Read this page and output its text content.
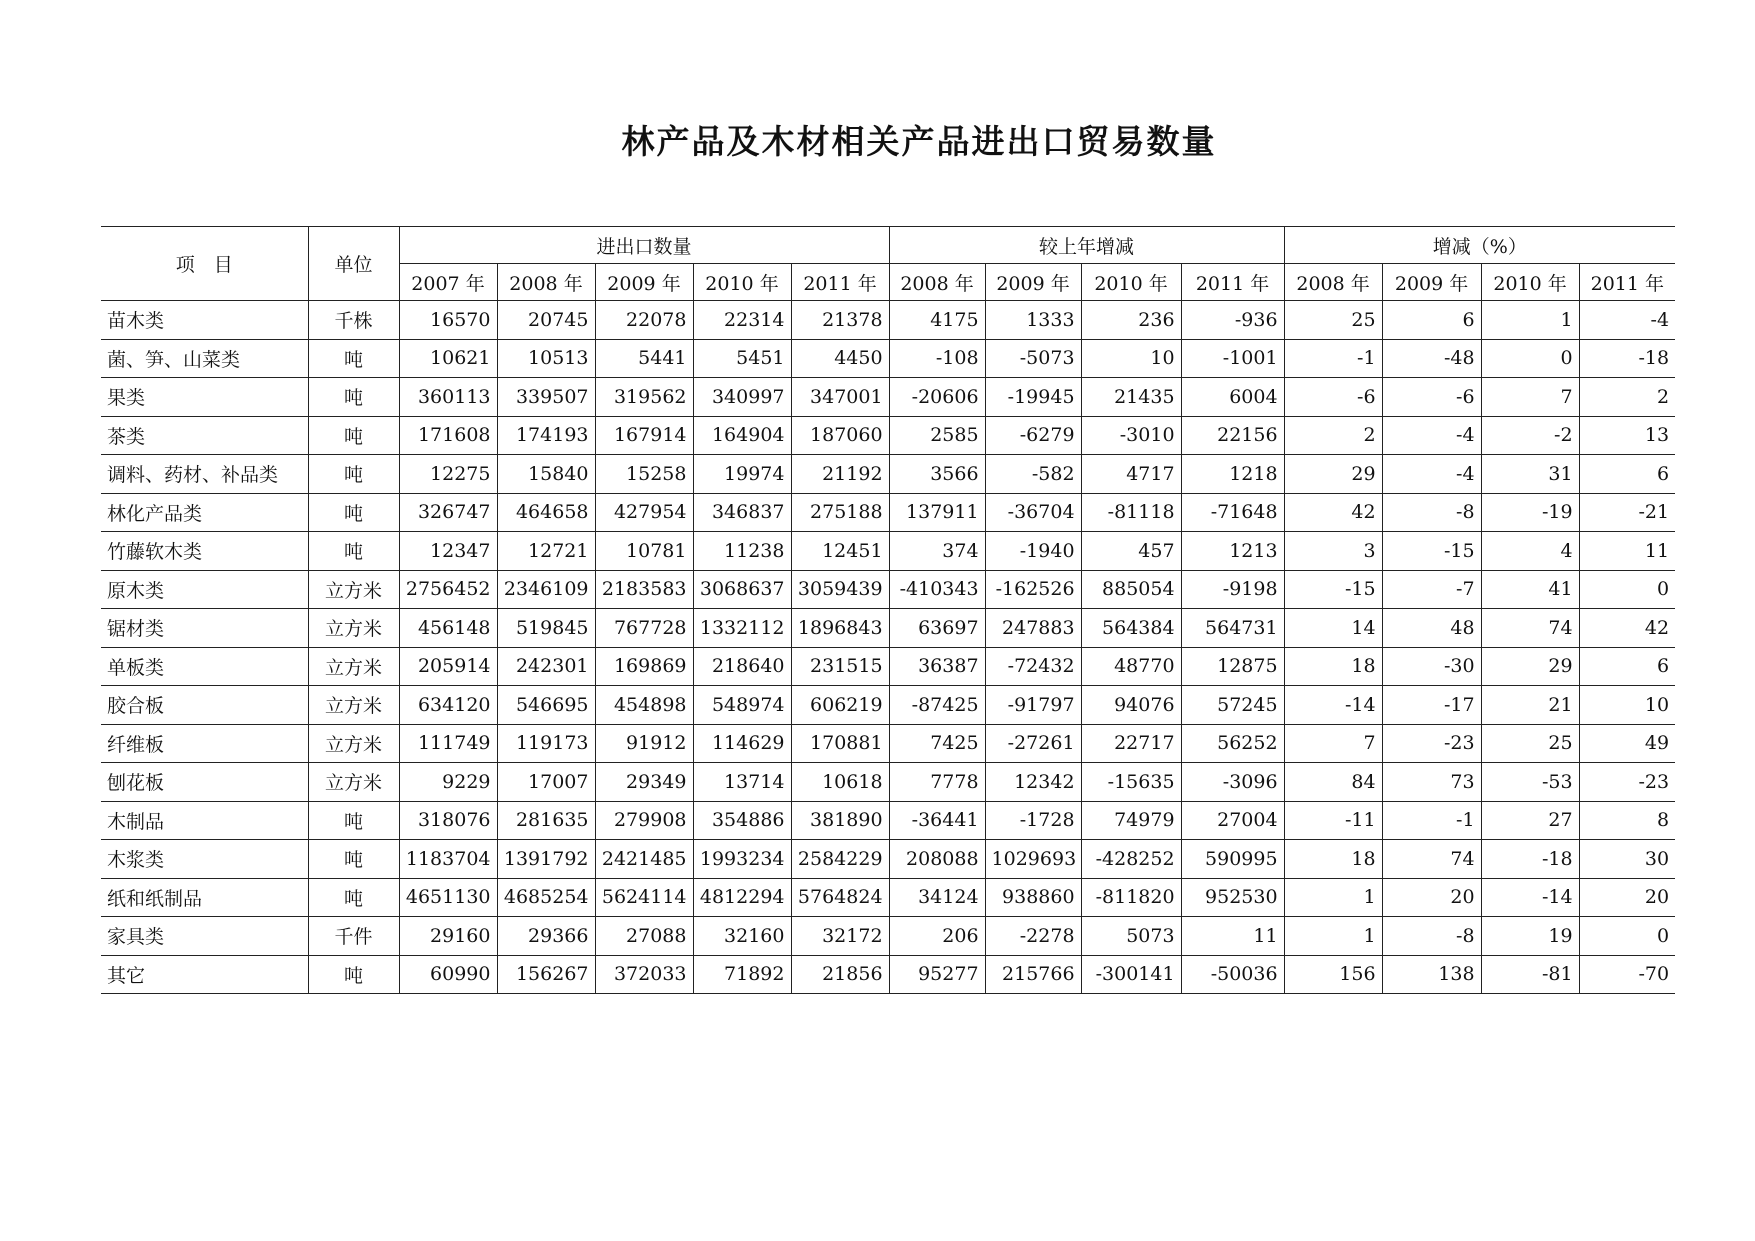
林产品及木材相关产品进出口贸易数量
项　目	单位	进出口数量					较上年增减				增减（%）			
		2007 年	2008 年	2009 年	2010 年	2011 年	2008 年	2009 年	2010 年	2011 年	2008 年	2009 年	2010 年	2011 年
苗木类	千株	16570	20745	22078	22314	21378	4175	1333	236	-936	25	6	1	-4
菌、笋、山菜类	吨	10621	10513	5441	5451	4450	-108	-5073	10	-1001	-1	-48	0	-18
果类	吨	360113	339507	319562	340997	347001	-20606	-19945	21435	6004	-6	-6	7	2
茶类	吨	171608	174193	167914	164904	187060	2585	-6279	-3010	22156	2	-4	-2	13
调料、药材、补品类	吨	12275	15840	15258	19974	21192	3566	-582	4717	1218	29	-4	31	6
林化产品类	吨	326747	464658	427954	346837	275188	137911	-36704	-81118	-71648	42	-8	-19	-21
竹藤软木类	吨	12347	12721	10781	11238	12451	374	-1940	457	1213	3	-15	4	11
原木类	立方米	2756452	2346109	2183583	3068637	3059439	-410343	-162526	885054	-9198	-15	-7	41	0
锯材类	立方米	456148	519845	767728	1332112	1896843	63697	247883	564384	564731	14	48	74	42
单板类	立方米	205914	242301	169869	218640	231515	36387	-72432	48770	12875	18	-30	29	6
胶合板	立方米	634120	546695	454898	548974	606219	-87425	-91797	94076	57245	-14	-17	21	10
纤维板	立方米	111749	119173	91912	114629	170881	7425	-27261	22717	56252	7	-23	25	49
刨花板	立方米	9229	17007	29349	13714	10618	7778	12342	-15635	-3096	84	73	-53	-23
木制品	吨	318076	281635	279908	354886	381890	-36441	-1728	74979	27004	-11	-1	27	8
木浆类	吨	1183704	1391792	2421485	1993234	2584229	208088	1029693	-428252	590995	18	74	-18	30
纸和纸制品	吨	4651130	4685254	5624114	4812294	5764824	34124	938860	-811820	952530	1	20	-14	20
家具类	千件	29160	29366	27088	32160	32172	206	-2278	5073	11	1	-8	19	0
其它	吨	60990	156267	372033	71892	21856	95277	215766	-300141	-50036	156	138	-81	-70
